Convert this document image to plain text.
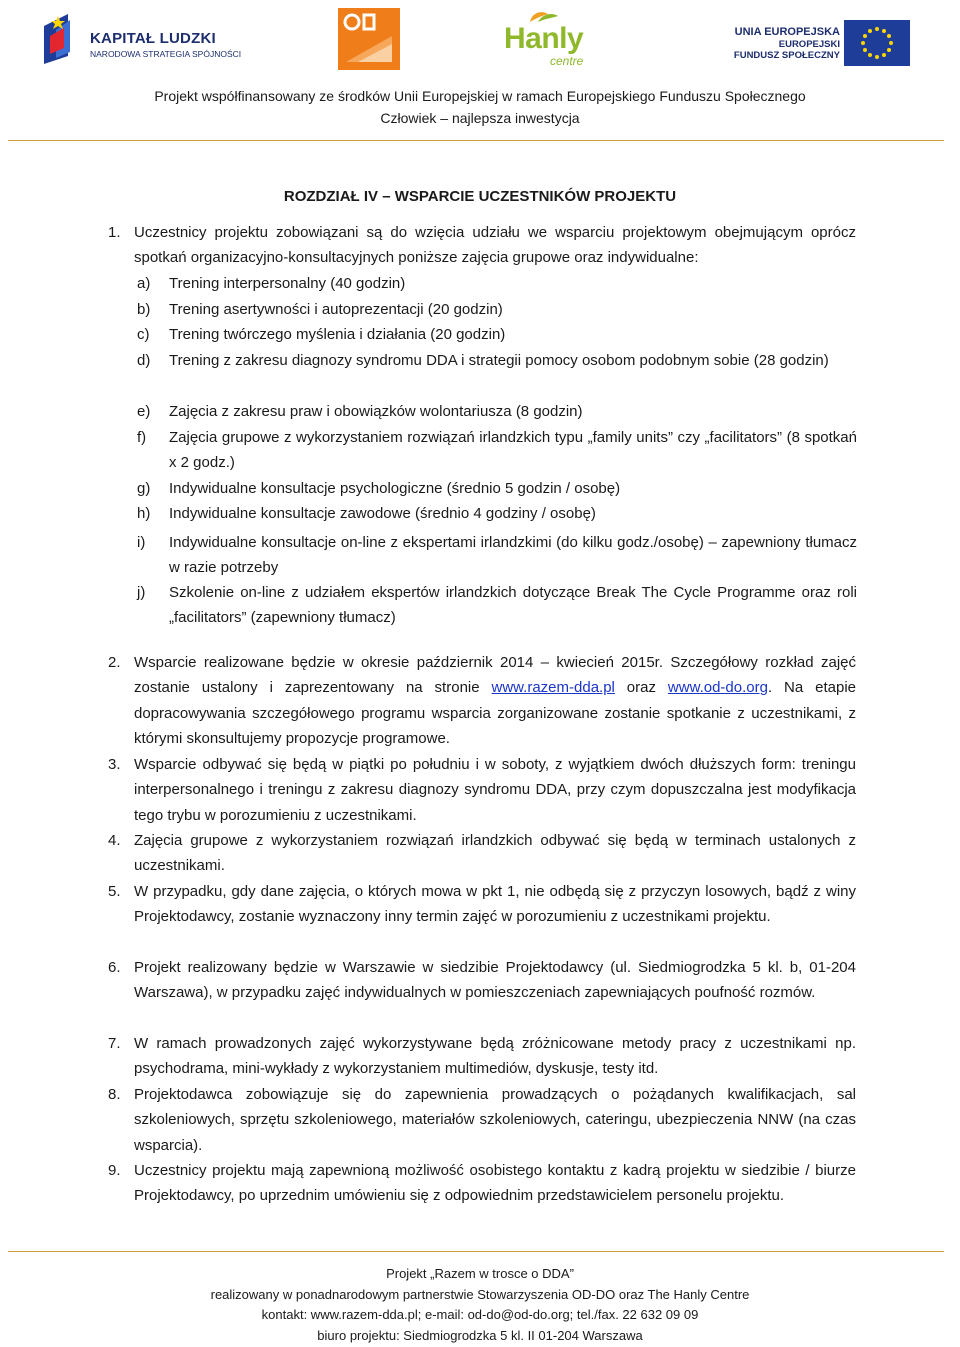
KAPITAŁ LUDZKI
NARODOWA STRATEGIA SPÓJNOŚCI	Hanly
centre
UNIA EUROPEJSKA
EUROPEJSKI
FUNDUSZ SPOŁECZNY
Projekt współfinansowany ze środków Unii Europejskiej w ramach Europejskiego Funduszu Społecznego
Człowiek – najlepsza inwestycja
ROZDZIAŁ IV – WSPARCIE UCZESTNIKÓW PROJEKTU
1. Uczestnicy projektu zobowiązani są do wzięcia udziału we wsparciu projektowym obejmującym oprócz spotkań organizacyjno-konsultacyjnych poniższe zajęcia grupowe oraz indywidualne:
a) Trening interpersonalny (40 godzin)
b) Trening asertywności i autoprezentacji (20 godzin)
c) Trening twórczego myślenia i działania (20 godzin)
d) Trening z zakresu diagnozy syndromu DDA i strategii pomocy osobom podobnym sobie (28 godzin)
e) Zajęcia z zakresu praw i obowiązków wolontariusza (8 godzin)
f) Zajęcia grupowe z wykorzystaniem rozwiązań irlandzkich typu „family units” czy „facilitators” (8 spotkań x 2 godz.)
g) Indywidualne konsultacje psychologiczne (średnio 5 godzin / osobę)
h) Indywidualne konsultacje zawodowe (średnio 4 godziny / osobę)
i) Indywidualne konsultacje on-line z ekspertami irlandzkimi (do kilku godz./osobę) – zapewniony tłumacz w razie potrzeby
j) Szkolenie on-line z udziałem ekspertów irlandzkich dotyczące Break The Cycle Programme oraz roli „facilitators” (zapewniony tłumacz)
2. Wsparcie realizowane będzie w okresie październik 2014 – kwiecień 2015r. Szczegółowy rozkład zajęć zostanie ustalony i zaprezentowany na stronie www.razem-dda.pl oraz www.od-do.org. Na etapie dopracowywania szczegółowego programu wsparcia zorganizowane zostanie spotkanie z uczestnikami, z którymi skonsultujemy propozycje programowe.
3. Wsparcie odbywać się będą w piątki po południu i w soboty, z wyjątkiem dwóch dłuższych form: treningu interpersonalnego i treningu z zakresu diagnozy syndromu DDA, przy czym dopuszczalna jest modyfikacja tego trybu w porozumieniu z uczestnikami.
4. Zajęcia grupowe z wykorzystaniem rozwiązań irlandzkich odbywać się będą w terminach ustalonych z uczestnikami.
5. W przypadku, gdy dane zajęcia, o których mowa w pkt 1, nie odbędą się z przyczyn losowych, bądź z winy Projektodawcy, zostanie wyznaczony inny termin zajęć w porozumieniu z uczestnikami projektu.
6. Projekt realizowany będzie w Warszawie w siedzibie Projektodawcy (ul. Siedmiogrodzka 5 kl. b, 01-204 Warszawa), w przypadku zajęć indywidualnych w pomieszczeniach zapewniających poufność rozmów.
7. W ramach prowadzonych zajęć wykorzystywane będą zróżnicowane metody pracy z uczestnikami np. psychodrama, mini-wykłady z wykorzystaniem multimediów, dyskusje, testy itd.
8. Projektodawca zobowiązuje się do zapewnienia prowadzących o pożądanych kwalifikacjach, sal szkoleniowych, sprzętu szkoleniowego, materiałów szkoleniowych, cateringu, ubezpieczenia NNW (na czas wsparcia).
9. Uczestnicy projektu mają zapewnioną możliwość osobistego kontaktu z kadrą projektu w siedzibie / biurze Projektodawcy, po uprzednim umówieniu się z odpowiednim przedstawicielem personelu projektu.
Projekt „Razem w trosce o DDA”
realizowany w ponadnarodowym partnerstwie Stowarzyszenia OD-DO oraz The Hanly Centre
kontakt: www.razem-dda.pl; e-mail: od-do@od-do.org; tel./fax. 22 632 09 09
biuro projektu: Siedmiogrodzka 5 kl. II 01-204 Warszawa
